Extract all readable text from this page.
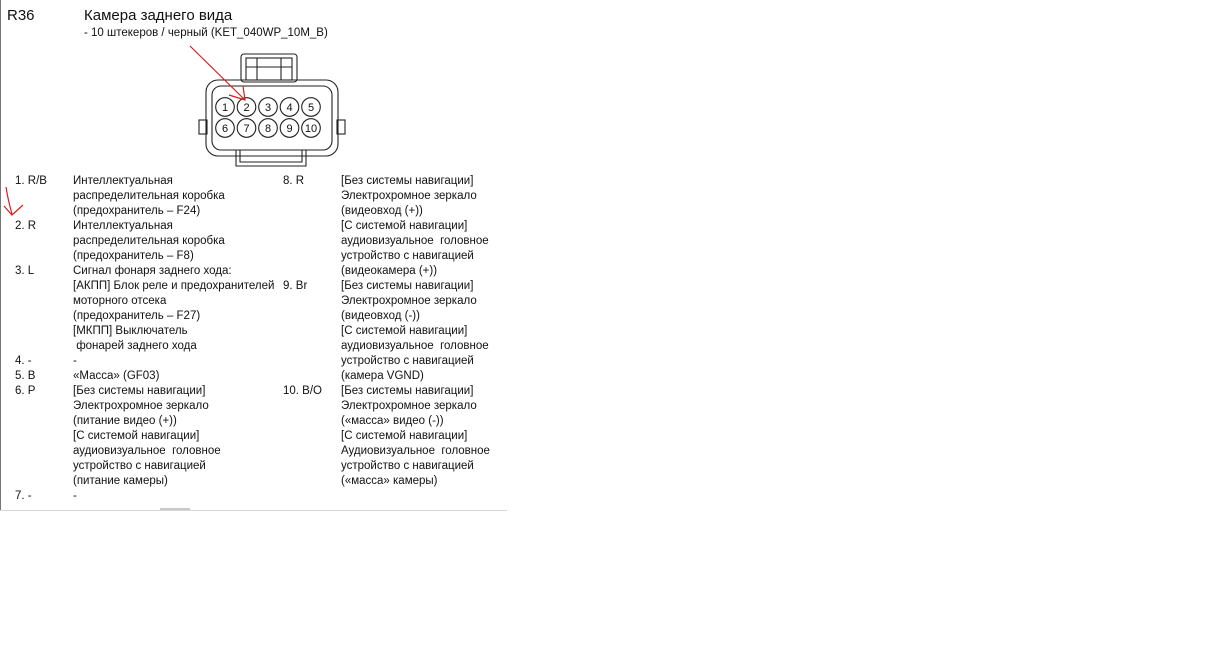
R36	Камера заднего вида
- 10 штекеров / черный (KET_040WP_10M_B)
1 2 3 4 5
6 7 8 9 10
1. R/B Интеллектуальная
распределительная коробка
(предохранитель – F24)
2. R	Интеллектуальная
распределительная коробка
(предохранитель – F8)
3. L	Сигнал фонаря заднего хода:
[АКПП] Блок реле и предохранителей
моторного отсека
(предохранитель – F27)
[МКПП] Выключатель
фонарей заднего хода
4. -	-
5. B	«Масса» (GF03)
6. P	[Без системы навигации]
Электрохромное зеркало
(питание видео (+))
[С системой навигации]
аудиовизуальное  головное
устройство с навигацией
(питание камеры)
7. -	-
8. R	[Без системы навигации]
Электрохромное зеркало
(видеовход (+))
[С системой навигации]
аудиовизуальное  головное
устройство с навигацией
(видеокамера (+))
9. Br	[Без системы навигации]
Электрохромное зеркало
(видеовход (-))
[С системой навигации]
аудиовизуальное  головное
устройство с навигацией
(камера VGND)
10. B/O [Без системы навигации]
Электрохромное зеркало
(«масса» видео (-))
[С системой навигации]
Аудиовизуальное  головное
устройство с навигацией
(«масса» камеры)
